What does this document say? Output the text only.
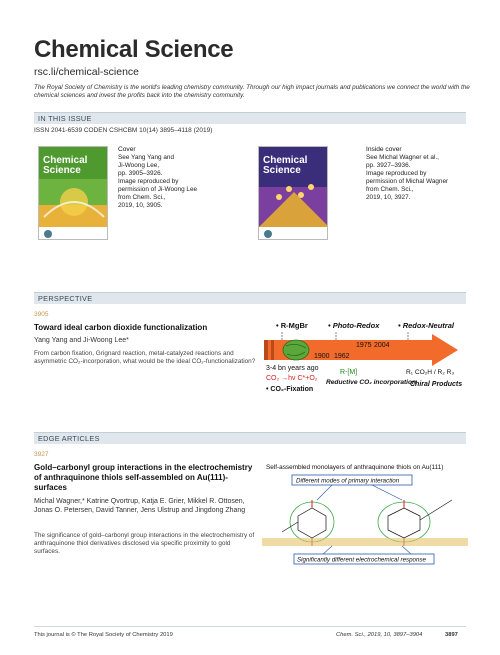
Chemical Science
rsc.li/chemical-science
The Royal Society of Chemistry is the world's leading chemistry community. Through our high impact journals and publications we connect the world with the chemical sciences and invest the profits back into the chemistry community.
IN THIS ISSUE
ISSN 2041-6539 CODEN CSHCBM 10(14) 3895–4118 (2019)
Chemical Science
Cover
See Yang Yang and
Ji-Woong Lee,
pp. 3905–3926.
Image reproduced by
permission of Ji-Woong Lee
from Chem. Sci.,
2019, 10, 3905.
Chemical Science
Inside cover
See Michal Wagner et al.,
pp. 3927–3936.
Image reproduced by
permission of Michal Wagner
from Chem. Sci.,
2019, 10, 3927.
PERSPECTIVE
3905
Toward ideal carbon dioxide functionalization
Yang Yang and Ji-Woong Lee*
From carbon fixation, Grignard reaction, metal-catalyzed reactions and asymmetric CO₂-incorporation, what would be the ideal CO₂-functionalization?
• R-MgBr	• Photo-Redox • Redox-Neutral
1900 1962
1975 2004
3-4 bn years ago
CO₂ →hν C*+O₂
• CO₂-Fixation
R-[M]
Reductive CO₂ incorporation
R₁ CO₂H / R₂ R₃
Chiral Products
EDGE ARTICLES
3927
Gold–carbonyl group interactions in the electrochemistry of anthraquinone thiols self-assembled on Au(111)-surfaces
Michal Wagner,* Katrine Qvortrup, Katja E. Grier, Mikkel R. Ottosen, Jonas O. Petersen, David Tanner, Jens Ulstrup and Jingdong Zhang
The significance of gold–carbonyl group interactions in the electrochemistry of anthraquinone thiol derivatives disclosed via specific proximity to gold surfaces.
Self-assembled monolayers of anthraquinone thiols on Au(111)
Different modes of primary interaction
Significantly different electrochemical response
This journal is © The Royal Society of Chemistry 2019	Chem. Sci., 2019, 10, 3897–3904	3897
